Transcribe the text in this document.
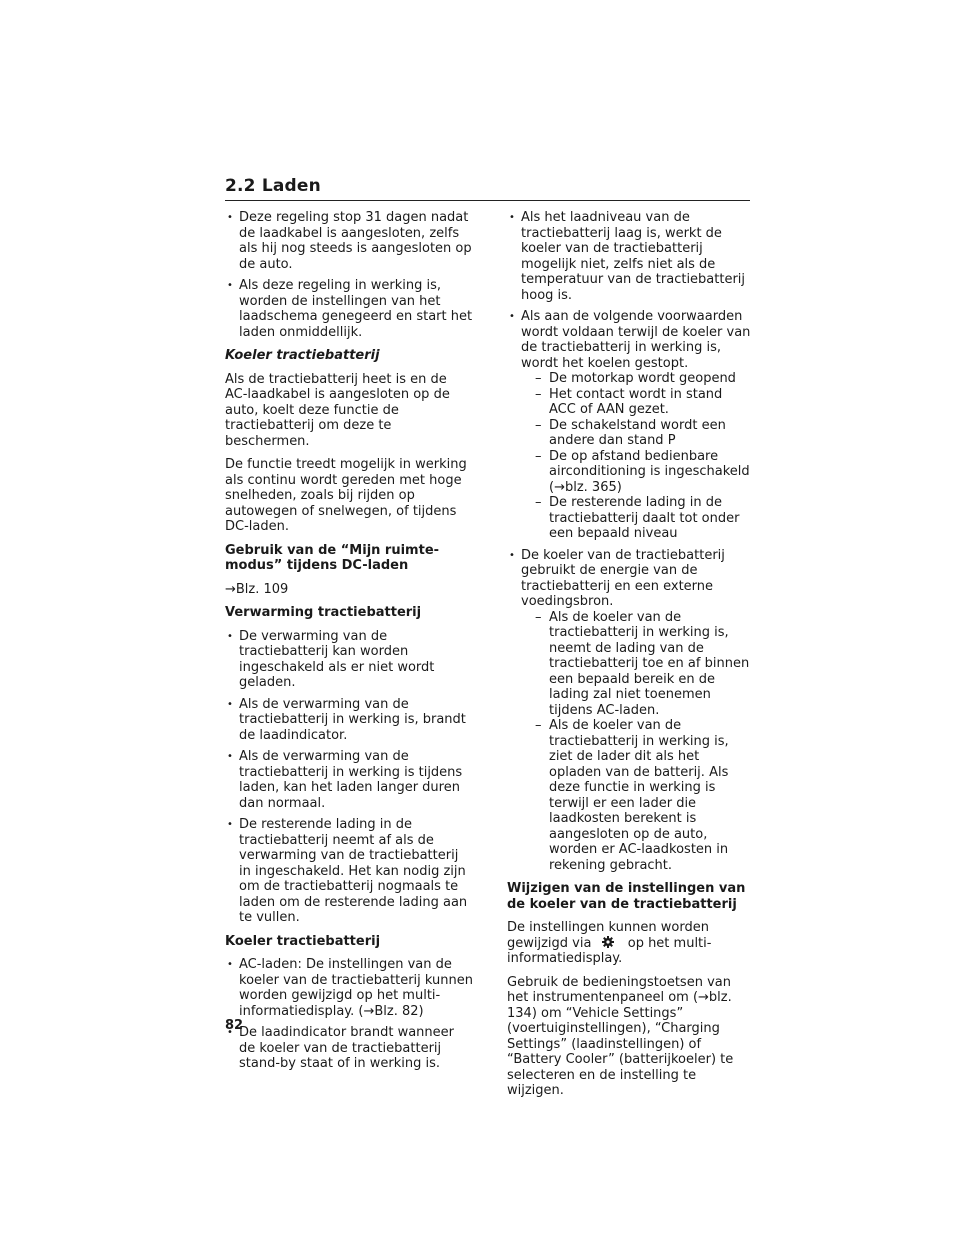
2.2 Laden
• Deze regeling stop 31 dagen nadat de laadkabel is aangesloten, zelfs als hij nog steeds is aangesloten op de auto.
• Als deze regeling in werking is, worden de instellingen van het laadschema genegeerd en start het laden onmiddellijk.
Koeler tractiebatterij

Als de tractiebatterij heet is en de AC-laadkabel is aangesloten op de auto, koelt deze functie de tractiebatterij om deze te beschermen.

De functie treedt mogelijk in werking als continu wordt gereden met hoge snelheden, zoals bij rijden op autowegen of snelwegen, of tijdens DC-laden.

Gebruik van de “Mijn ruimte-modus” tijdens DC-laden

→Blz. 109

Verwarming tractiebatterij
• De verwarming van de tractiebatterij kan worden ingeschakeld als er niet wordt geladen.
• Als de verwarming van de tractiebatterij in werking is, brandt de laadindicator.
• Als de verwarming van de tractiebatterij in werking is tijdens laden, kan het laden langer duren dan normaal.
• De resterende lading in de tractiebatterij neemt af als de verwarming van de tractiebatterij in ingeschakeld. Het kan nodig zijn om de tractiebatterij nogmaals te laden om de resterende lading aan te vullen.
Koeler tractiebatterij
• AC-laden: De instellingen van de koeler van de tractiebatterij kunnen worden gewijzigd op het multi-informatiedisplay. (→Blz. 82)
• De laadindicator brandt wanneer de koeler van de tractiebatterij stand-by staat of in werking is.
• Als het laadniveau van de tractiebatterij laag is, werkt de koeler van de tractiebatterij mogelijk niet, zelfs niet als de temperatuur van de tractiebatterij hoog is.
• Als aan de volgende voorwaarden wordt voldaan terwijl de koeler van de tractiebatterij in werking is, wordt het koelen gestopt.
– De motorkap wordt geopend
– Het contact wordt in stand ACC of AAN gezet.
– De schakelstand wordt een andere dan stand P
– De op afstand bedienbare airconditioning is ingeschakeld (→blz. 365)
– De resterende lading in de tractiebatterij daalt tot onder een bepaald niveau
• De koeler van de tractiebatterij gebruikt de energie van de tractiebatterij en een externe voedingsbron.
– Als de koeler van de tractiebatterij in werking is, neemt de lading van de tractiebatterij toe en af binnen een bepaald bereik en de lading zal niet toenemen tijdens AC-laden.
– Als de koeler van de tractiebatterij in werking is, ziet de lader dit als het opladen van de batterij. Als deze functie in werking is terwijl er een lader die laadkosten berekent is aangesloten op de auto, worden er AC-laadkosten in rekening gebracht.
Wijzigen van de instellingen van de koeler van de tractiebatterij

De instellingen kunnen worden gewijzigd via	op het multi-informatiedisplay.

Gebruik de bedieningstoetsen van het instrumentenpaneel om (→blz. 134) om “Vehicle Settings” (voertuiginstellingen), “Charging Settings” (laadinstellingen) of “Battery Cooler” (batterijkoeler) te selecteren en de instelling te wijzigen.

82
